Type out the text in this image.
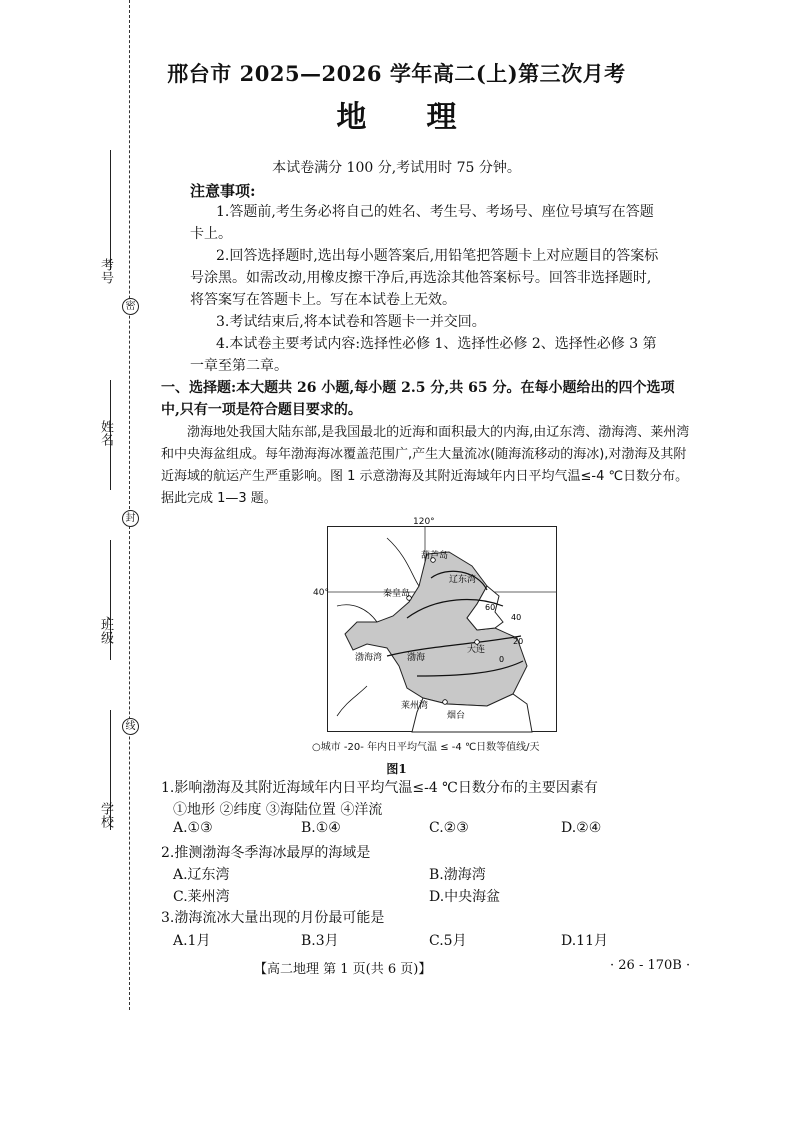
考号
姓名
班级
学校
、
密
封
线
邢台市 2025—2026 学年高二(上)第三次月考
地理
本试卷满分 100 分,考试用时 75 分钟。
注意事项:

1.答题前,考生务必将自己的姓名、考生号、考场号、座位号填写在答题卡上。

2.回答选择题时,选出每小题答案后,用铅笔把答题卡上对应题目的答案标号涂黑。如需改动,用橡皮擦干净后,再选涂其他答案标号。回答非选择题时,将答案写在答题卡上。写在本试卷上无效。

3.考试结束后,将本试卷和答题卡一并交回。

4.本试卷主要考试内容:选择性必修 1、选择性必修 2、选择性必修 3 第一章至第二章。

一、选择题:本大题共 26 小题,每小题 2.5 分,共 65 分。在每小题给出的四个选项中,只有一项是符合题目要求的。
渤海地处我国大陆东部,是我国最北的近海和面积最大的内海,由辽东湾、渤海湾、莱州湾和中央海盆组成。每年渤海海冰覆盖范围广,产生大量流冰(随海流移动的海冰),对渤海及其附近海域的航运产生严重影响。图 1 示意渤海及其附近海域年内日平均气温≤-4 ℃日数分布。据此完成 1—3 题。
120°
40°
葫芦岛
辽东湾
秦皇岛
渤海湾	渤海
大连
莱州湾
烟台
60
40
20
0
○城市 -20- 年内日平均气温 ≤ -4 ℃日数等值线/天
图1
1.影响渤海及其附近海域年内日平均气温≤-4 ℃日数分布的主要因素有
①地形 ②纬度 ③海陆位置 ④洋流
A.①③	B.①④	C.②③	D.②④
2.推测渤海冬季海冰最厚的海域是
A.辽东湾	B.渤海湾
C.莱州湾	D.中央海盆
3.渤海流冰大量出现的月份最可能是
A.1月	B.3月	C.5月	D.11月
【高二地理 第 1 页(共 6 页)】	· 26 - 170B ·
